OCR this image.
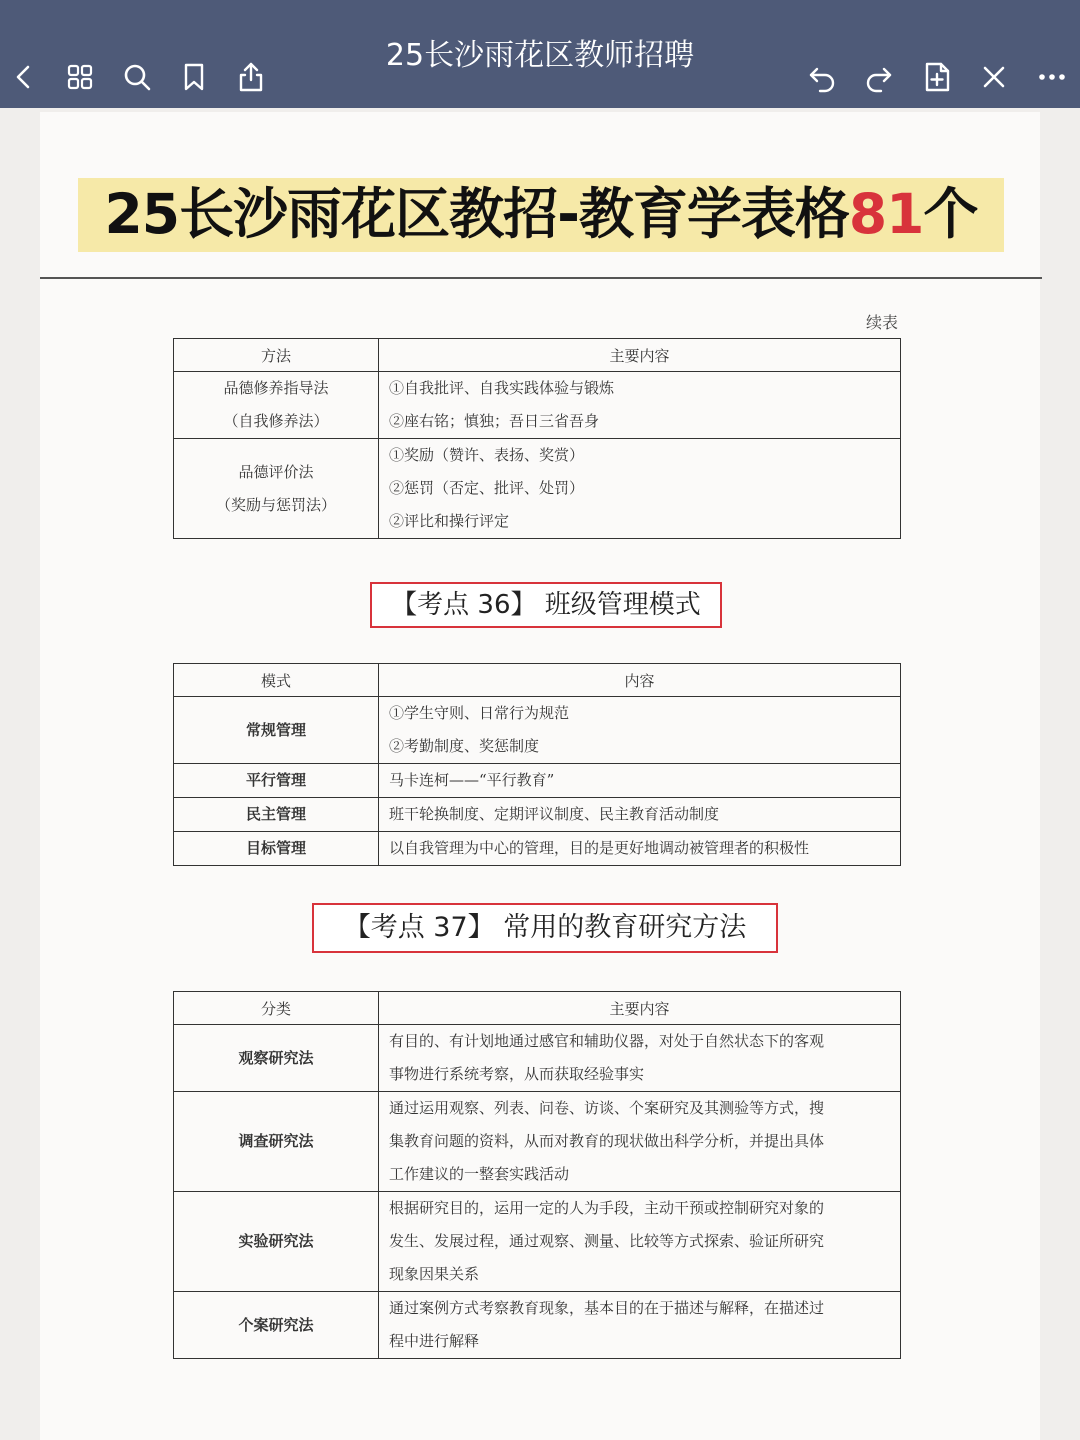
25长沙雨花区教师招聘
25长沙雨花区教招-教育学表格81个
续表
方法	主要内容

品德修养指导法
（自我修养法）	①自我批评、自我实践体验与锻炼
②座右铭；慎独；吾日三省吾身

品德评价法
（奖励与惩罚法）	①奖励（赞许、表扬、奖赏）
②惩罚（否定、批评、处罚）
②评比和操行评定
【考点 36】 班级管理模式
模式	内容
常规管理	①学生守则、日常行为规范
②考勤制度、奖惩制度

平行管理	马卡连柯——“平行教育”

民主管理	班干轮换制度、定期评议制度、民主教育活动制度

目标管理	以自我管理为中心的管理，目的是更好地调动被管理者的积极性
【考点 37】 常用的教育研究方法
分类	主要内容
观察研究法	有目的、有计划地通过感官和辅助仪器，对处于自然状态下的客观
事物进行系统考察，从而获取经验事实

调查研究法	通过运用观察、列表、问卷、访谈、个案研究及其测验等方式，搜
集教育问题的资料，从而对教育的现状做出科学分析，并提出具体
工作建议的一整套实践活动

实验研究法	根据研究目的，运用一定的人为手段，主动干预或控制研究对象的
发生、发展过程，通过观察、测量、比较等方式探索、验证所研究
现象因果关系

个案研究法	通过案例方式考察教育现象，基本目的在于描述与解释，在描述过
程中进行解释
